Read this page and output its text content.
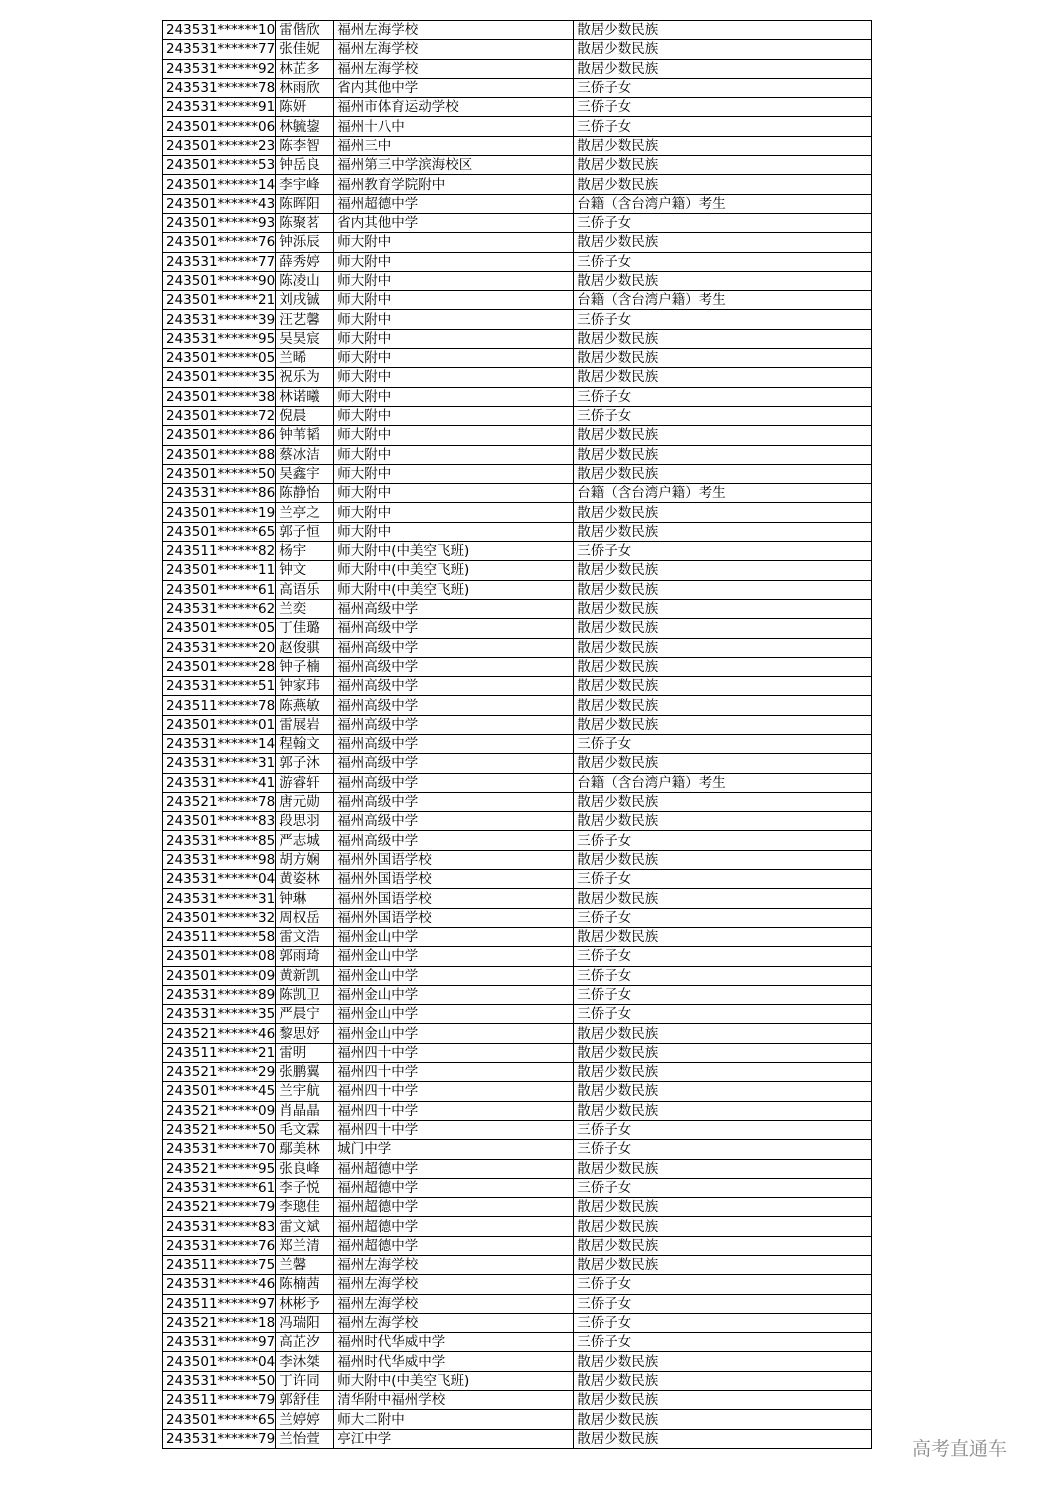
243531******10	雷偕欣	福州左海学校	散居少数民族
243531******77	张佳妮	福州左海学校	散居少数民族
243531******92	林芷多	福州左海学校	散居少数民族
243531******78	林雨欣	省内其他中学	三侨子女
243531******91	陈妍	福州市体育运动学校	三侨子女
243501******06	林毓鋆	福州十八中	三侨子女
243501******23	陈李智	福州三中	散居少数民族
243501******53	钟岳良	福州第三中学滨海校区	散居少数民族
243501******14	李宇峰	福州教育学院附中	散居少数民族
243501******43	陈晖阳	福州超德中学	台籍（含台湾户籍）考生
243501******93	陈聚茗	省内其他中学	三侨子女
243501******76	钟泺辰	师大附中	散居少数民族
243531******77	薛秀婷	师大附中	三侨子女
243501******90	陈凌山	师大附中	散居少数民族
243501******21	刘戌铖	师大附中	台籍（含台湾户籍）考生
243531******39	汪艺馨	师大附中	三侨子女
243531******95	吴昊宸	师大附中	散居少数民族
243501******05	兰晞	师大附中	散居少数民族
243501******35	祝乐为	师大附中	散居少数民族
243501******38	林诺曦	师大附中	三侨子女
243501******72	倪晨	师大附中	三侨子女
243501******86	钟苇韬	师大附中	散居少数民族
243501******88	蔡冰洁	师大附中	散居少数民族
243501******50	吴鑫宇	师大附中	散居少数民族
243531******86	陈静怡	师大附中	台籍（含台湾户籍）考生
243501******19	兰亭之	师大附中	散居少数民族
243501******65	郭子恒	师大附中	散居少数民族
243511******82	杨宇	师大附中(中美空飞班)	三侨子女
243501******11	钟文	师大附中(中美空飞班)	散居少数民族
243501******61	高语乐	师大附中(中美空飞班)	散居少数民族
243531******62	兰奕	福州高级中学	散居少数民族
243501******05	丁佳璐	福州高级中学	散居少数民族
243531******20	赵俊骐	福州高级中学	散居少数民族
243501******28	钟子楠	福州高级中学	散居少数民族
243531******51	钟家玮	福州高级中学	散居少数民族
243511******78	陈燕敏	福州高级中学	散居少数民族
243501******01	雷展岩	福州高级中学	散居少数民族
243531******14	程翰文	福州高级中学	三侨子女
243531******31	郭子沐	福州高级中学	散居少数民族
243531******41	游睿轩	福州高级中学	台籍（含台湾户籍）考生
243521******78	唐元勋	福州高级中学	散居少数民族
243501******83	段思羽	福州高级中学	散居少数民族
243531******85	严志城	福州高级中学	三侨子女
243531******98	胡方娴	福州外国语学校	散居少数民族
243531******04	黄姿林	福州外国语学校	三侨子女
243531******31	钟琳	福州外国语学校	散居少数民族
243501******32	周权岳	福州外国语学校	三侨子女
243511******58	雷文浩	福州金山中学	散居少数民族
243501******08	郭雨琦	福州金山中学	三侨子女
243501******09	黄新凯	福州金山中学	三侨子女
243531******89	陈凯卫	福州金山中学	三侨子女
243531******35	严晨宁	福州金山中学	三侨子女
243521******46	黎思妤	福州金山中学	散居少数民族
243511******21	雷明	福州四十中学	散居少数民族
243521******29	张鹏翼	福州四十中学	散居少数民族
243501******45	兰宇航	福州四十中学	散居少数民族
243521******09	肖晶晶	福州四十中学	散居少数民族
243521******50	毛文霖	福州四十中学	三侨子女
243531******70	鄢美林	城门中学	三侨子女
243521******95	张良峰	福州超德中学	散居少数民族
243531******61	李子悦	福州超德中学	三侨子女
243521******79	李璁佳	福州超德中学	散居少数民族
243531******83	雷文斌	福州超德中学	散居少数民族
243531******76	郑兰清	福州超德中学	散居少数民族
243511******75	兰馨	福州左海学校	散居少数民族
243531******46	陈楠茜	福州左海学校	三侨子女
243511******97	林彬予	福州左海学校	三侨子女
243521******18	冯瑞阳	福州左海学校	三侨子女
243531******97	高芷汐	福州时代华威中学	三侨子女
243501******04	李沐桀	福州时代华威中学	散居少数民族
243531******50	丁许同	师大附中(中美空飞班)	散居少数民族
243511******79	郭舒佳	清华附中福州学校	散居少数民族
243501******65	兰婷婷	师大二附中	散居少数民族
243531******79	兰怡萱	亭江中学	散居少数民族	高考直通车
